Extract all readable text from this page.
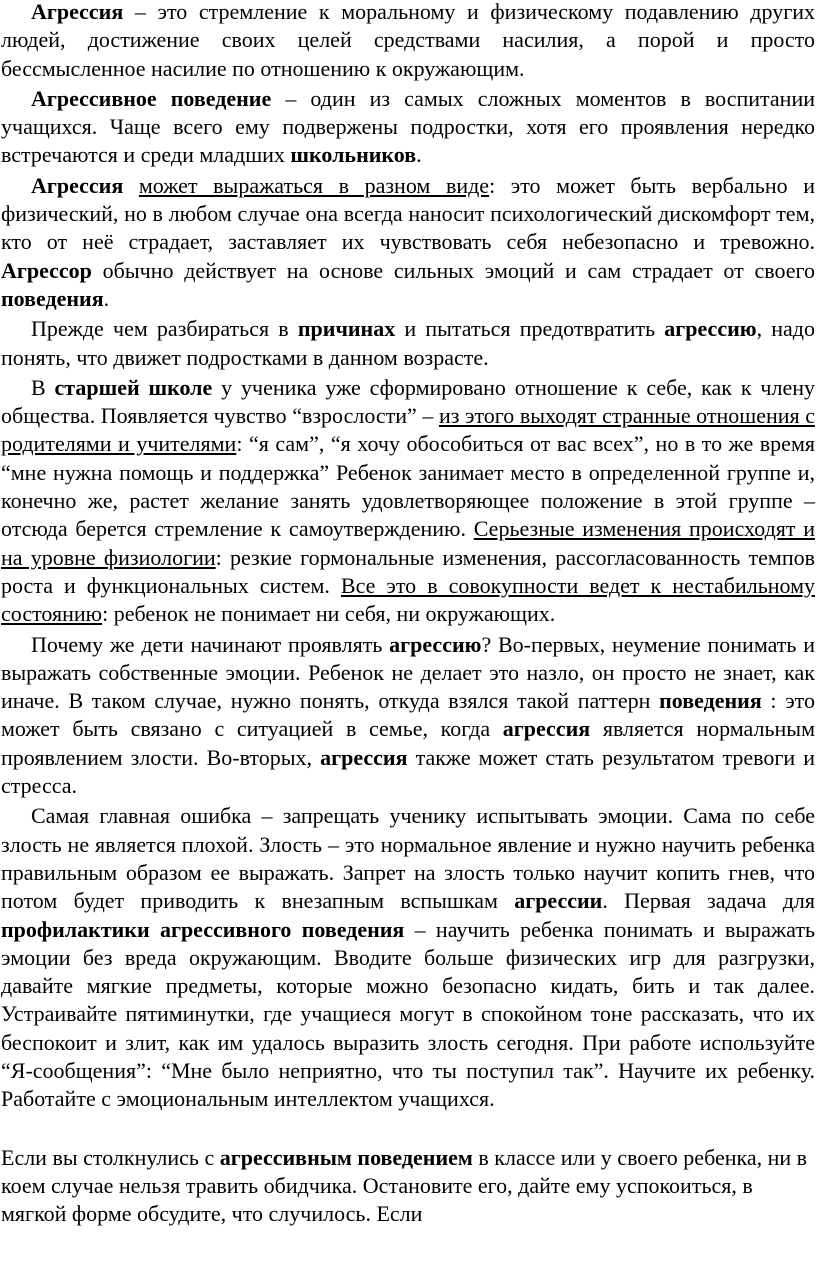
Агрессия – это стремление к моральному и физическому подавлению других людей, достижение своих целей средствами насилия, а порой и просто бессмысленное насилие по отношению к окружающим.

Агрессивное поведение – один из самых сложных моментов в воспитании учащихся. Чаще всего ему подвержены подростки, хотя его проявления нередко встречаются и среди младших школьников.

Агрессия может выражаться в разном виде: это может быть вербально и физический, но в любом случае она всегда наносит психологический дискомфорт тем, кто от неё страдает, заставляет их чувствовать себя небезопасно и тревожно. Агрессор обычно действует на основе сильных эмоций и сам страдает от своего поведения.

Прежде чем разбираться в причинах и пытаться предотвратить агрессию, надо понять, что движет подростками в данном возрасте.

В старшей школе у ученика уже сформировано отношение к себе, как к члену общества. Появляется чувство “взрослости” – из этого выходят странные отношения с родителями и учителями: “я сам”, “я хочу обособиться от вас всех”, но в то же время “мне нужна помощь и поддержка” Ребенок занимает место в определенной группе и, конечно же, растет желание занять удовлетворяющее положение в этой группе – отсюда берется стремление к самоутверждению. Серьезные изменения происходят и на уровне физиологии: резкие гормональные изменения, рассогласованность темпов роста и функциональных систем. Все это в совокупности ведет к нестабильному состоянию: ребенок не понимает ни себя, ни окружающих.

Почему же дети начинают проявлять агрессию? Во-первых, неумение понимать и выражать собственные эмоции. Ребенок не делает это назло, он просто не знает, как иначе. В таком случае, нужно понять, откуда взялся такой паттерн поведения : это может быть связано с ситуацией в семье, когда агрессия является нормальным проявлением злости. Во-вторых, агрессия также может стать результатом тревоги и стресса.

Самая главная ошибка – запрещать ученику испытывать эмоции. Сама по себе злость не является плохой. Злость – это нормальное явление и нужно научить ребенка правильным образом ее выражать. Запрет на злость только научит копить гнев, что потом будет приводить к внезапным вспышкам агрессии. Первая задача для профилактики агрессивного поведения – научить ребенка понимать и выражать эмоции без вреда окружающим. Вводите больше физических игр для разгрузки, давайте мягкие предметы, которые можно безопасно кидать, бить и так далее. Устраивайте пятиминутки, где учащиеся могут в спокойном тоне рассказать, что их беспокоит и злит, как им удалось выразить злость сегодня. При работе используйте “Я-сообщения”: “Мне было неприятно, что ты поступил так”. Научите их ребенку. Работайте с эмоциональным интеллектом учащихся.

Если вы столкнулись с агрессивным поведением в классе или у своего ребенка, ни в коем случае нельзя травить обидчика. Остановите его, дайте ему успокоиться, в мягкой форме обсудите, что случилось. Если
